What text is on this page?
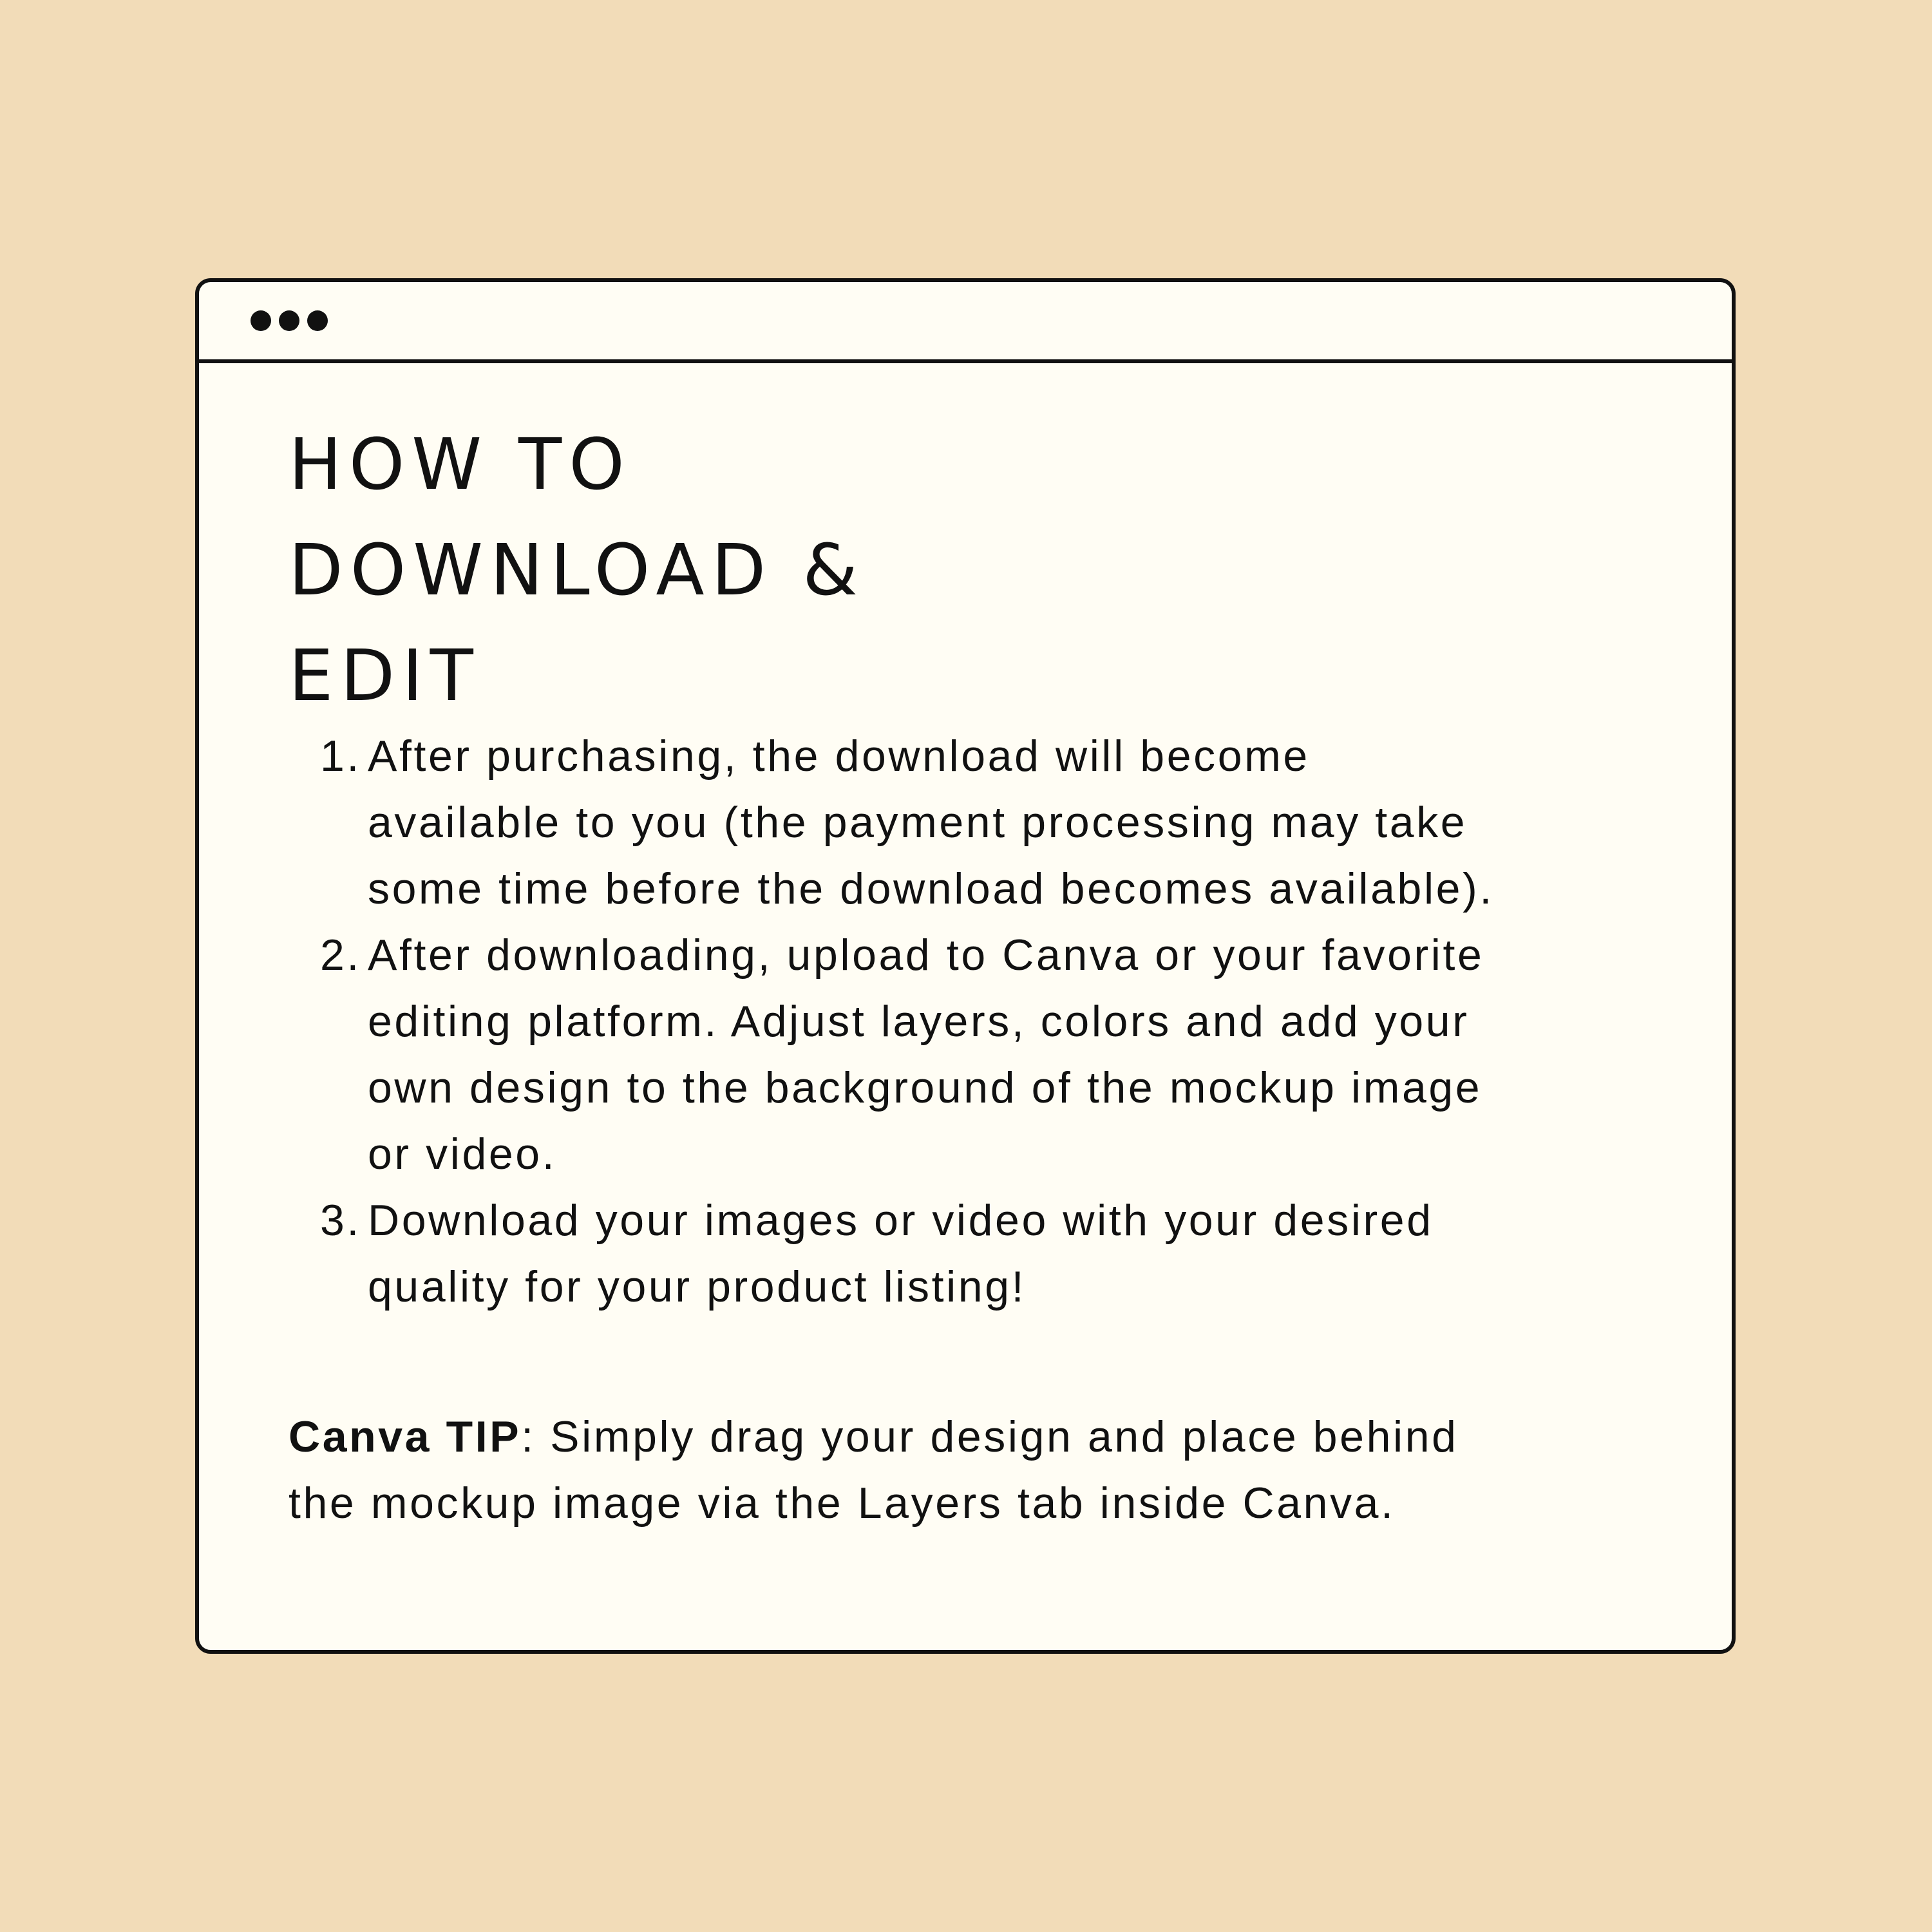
HOW TO
DOWNLOAD &
EDIT
1. After purchasing, the download will become
available to you (the payment processing may take
some time before the download becomes available).
2. After downloading, upload to Canva or your favorite
editing platform. Adjust layers, colors and add your
own design to the background of the mockup image
or video.
3. Download your images or video with your desired
quality for your product listing!

Canva TIP: Simply drag your design and place behind
the mockup image via the Layers tab inside Canva.
